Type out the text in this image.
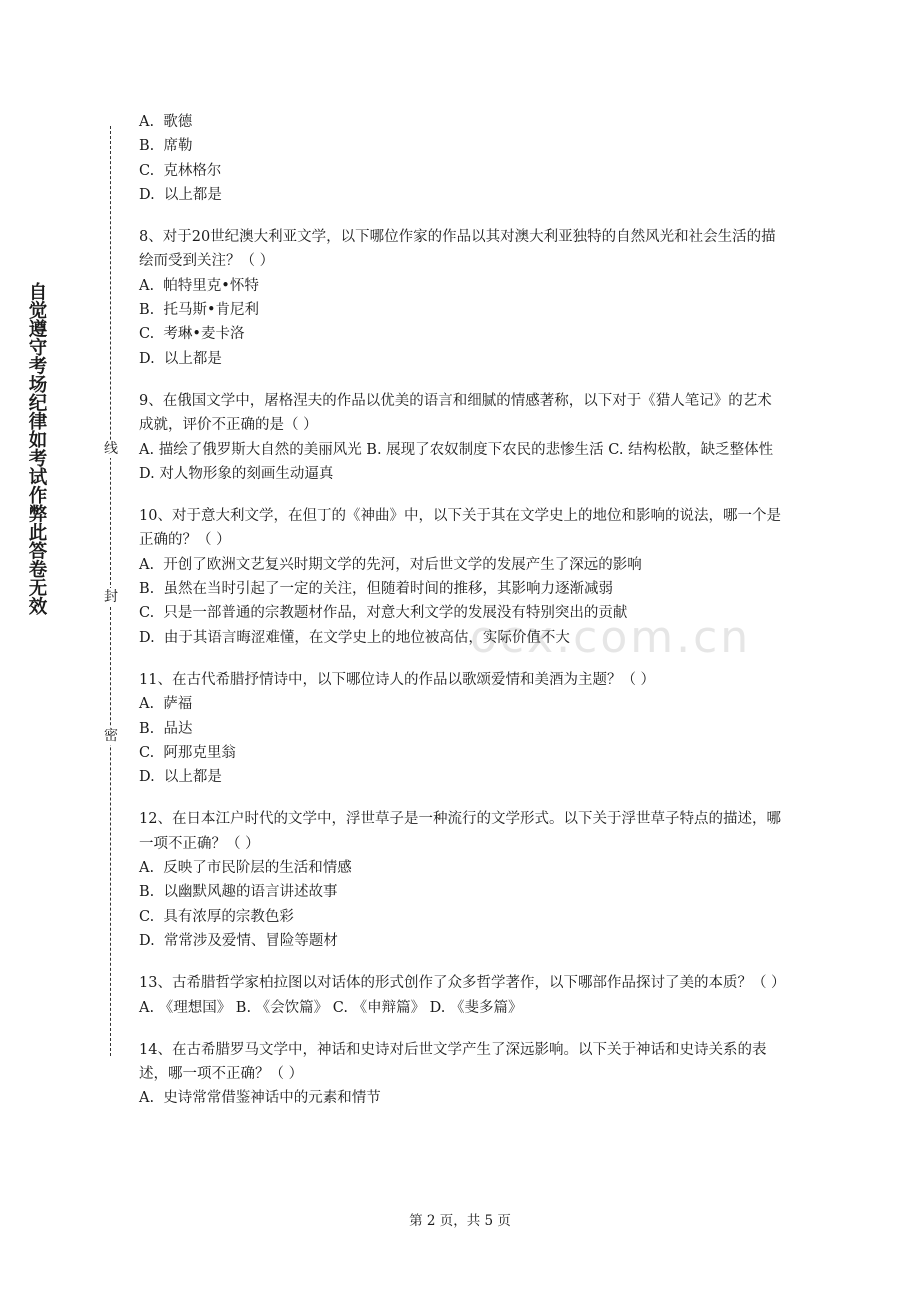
自觉遵守考场纪律如考试作弊此答卷无效	线
封
密
ocx.com.cn

A.  歌德

B.  席勒

C.  克林格尔

D.  以上都是

8、对于20世纪澳大利亚文学，以下哪位作家的作品以其对澳大利亚独特的自然风光和社会生活的描绘而受到关注？（ ）

A.  帕特里克•怀特

B.  托马斯•肯尼利

C.  考琳•麦卡洛

D.  以上都是

9、在俄国文学中，屠格涅夫的作品以优美的语言和细腻的情感著称，以下对于《猎人笔记》的艺术成就，评价不正确的是（ ）

A. 描绘了俄罗斯大自然的美丽风光 B. 展现了农奴制度下农民的悲惨生活 C. 结构松散，缺乏整体性 D. 对人物形象的刻画生动逼真

10、对于意大利文学，在但丁的《神曲》中，以下关于其在文学史上的地位和影响的说法，哪一个是正确的？（ ）

A.  开创了欧洲文艺复兴时期文学的先河，对后世文学的发展产生了深远的影响

B.  虽然在当时引起了一定的关注，但随着时间的推移，其影响力逐渐减弱

C.  只是一部普通的宗教题材作品，对意大利文学的发展没有特别突出的贡献

D.  由于其语言晦涩难懂，在文学史上的地位被高估，实际价值不大

11、在古代希腊抒情诗中，以下哪位诗人的作品以歌颂爱情和美酒为主题？（ ）

A.  萨福

B.  品达

C.  阿那克里翁

D.  以上都是

12、在日本江户时代的文学中，浮世草子是一种流行的文学形式。以下关于浮世草子特点的描述，哪一项不正确？（ ）

A.  反映了市民阶层的生活和情感

B.  以幽默风趣的语言讲述故事

C.  具有浓厚的宗教色彩

D.  常常涉及爱情、冒险等题材

13、古希腊哲学家柏拉图以对话体的形式创作了众多哲学著作，以下哪部作品探讨了美的本质？（ ）

A. 《理想国》 B. 《会饮篇》 C. 《申辩篇》 D. 《斐多篇》

14、在古希腊罗马文学中，神话和史诗对后世文学产生了深远影响。以下关于神话和史诗关系的表述，哪一项不正确？（ ）

A.  史诗常常借鉴神话中的元素和情节

第 2 页，共 5 页
